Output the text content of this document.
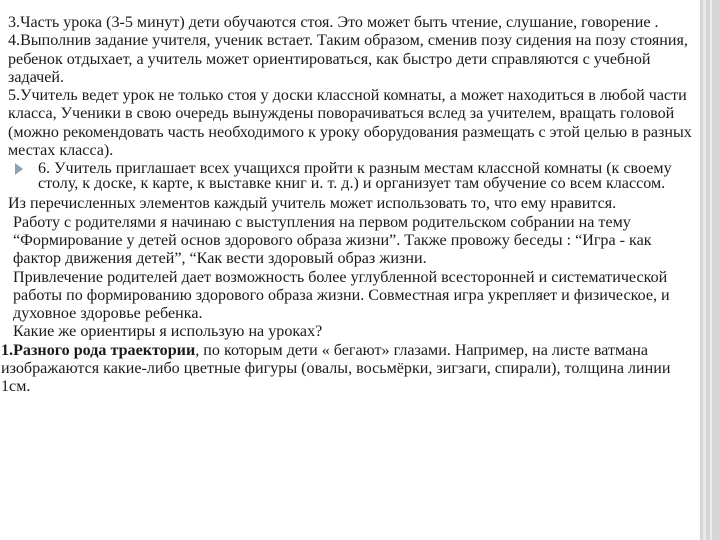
3.Часть урока (3-5 минут) дети обучаются стоя. Это может быть чтение, слушание, говорение .

4.Выполнив задание учителя, ученик встает. Таким образом, сменив позу сидения на позу стояния, ребенок отдыхает, а учитель может ориентироваться, как быстро дети справляются с учебной задачей.

5.Учитель ведет урок не только стоя у доски классной комнаты, а может находиться в любой части класса, Ученики в свою очередь вынуждены поворачиваться вслед за учителем, вращать головой (можно рекомендовать часть необходимого к уроку оборудования размещать с этой целью в разных местах класса).

6. Учитель приглашает всех учащихся пройти к разным местам классной комнаты (к своему столу, к доске, к карте, к выставке книг и. т. д.) и организует там обучение со всем классом.

Из перечисленных элементов каждый учитель может использовать то, что ему нравится.

Работу с родителями я начинаю с выступления на первом родительском собрании на тему “Формирование у детей основ здорового образа жизни”. Также провожу беседы : “Игра - как фактор движения детей”, “Как вести здоровый образ жизни.

Привлечение родителей дает возможность более углубленной всесторонней и систематической работы по формированию здорового образа жизни. Совместная игра укрепляет и физическое, и духовное здоровье ребенка.

Какие же ориентиры я использую на уроках?

1.Разного рода траектории, по которым дети « бегают» глазами. Например, на листе ватмана изображаются какие-либо цветные фигуры (овалы, восьмёрки, зигзаги, спирали), толщина линии 1см.
